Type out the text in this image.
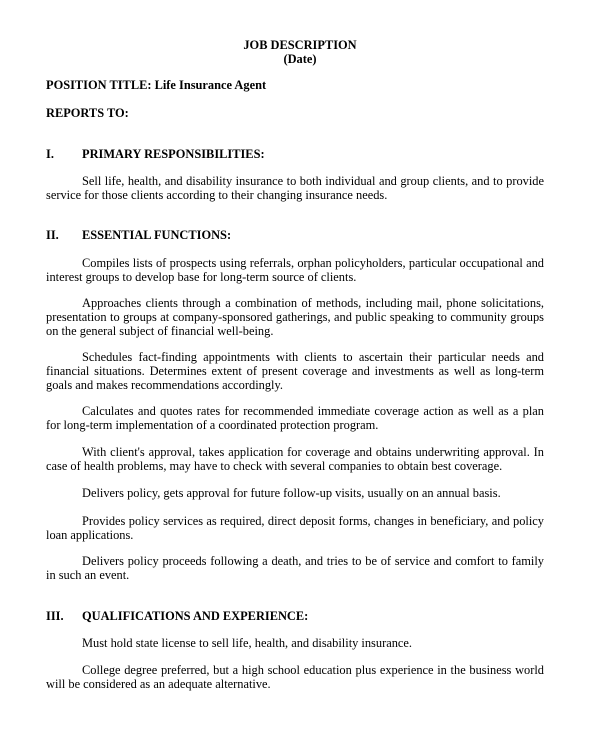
JOB DESCRIPTION
(Date)
POSITION TITLE: Life Insurance Agent
REPORTS TO:
I. PRIMARY RESPONSIBILITIES:
Sell life, health, and disability insurance to both individual and group clients, and to provide service for those clients according to their changing insurance needs.
II. ESSENTIAL FUNCTIONS:
Compiles lists of prospects using referrals, orphan policyholders, particular occupational and interest groups to develop base for long-term source of clients.
Approaches clients through a combination of methods, including mail, phone solicitations, presentation to groups at company-sponsored gatherings, and public speaking to community groups on the general subject of financial well-being.
Schedules fact-finding appointments with clients to ascertain their particular needs and financial situations. Determines extent of present coverage and investments as well as long-term goals and makes recommendations accordingly.
Calculates and quotes rates for recommended immediate coverage action as well as a plan for long-term implementation of a coordinated protection program.
With client's approval, takes application for coverage and obtains underwriting approval. In case of health problems, may have to check with several companies to obtain best coverage.
Delivers policy, gets approval for future follow-up visits, usually on an annual basis.
Provides policy services as required, direct deposit forms, changes in beneficiary, and policy loan applications.
Delivers policy proceeds following a death, and tries to be of service and comfort to family in such an event.
III. QUALIFICATIONS AND EXPERIENCE:
Must hold state license to sell life, health, and disability insurance.
College degree preferred, but a high school education plus experience in the business world will be considered as an adequate alternative.
